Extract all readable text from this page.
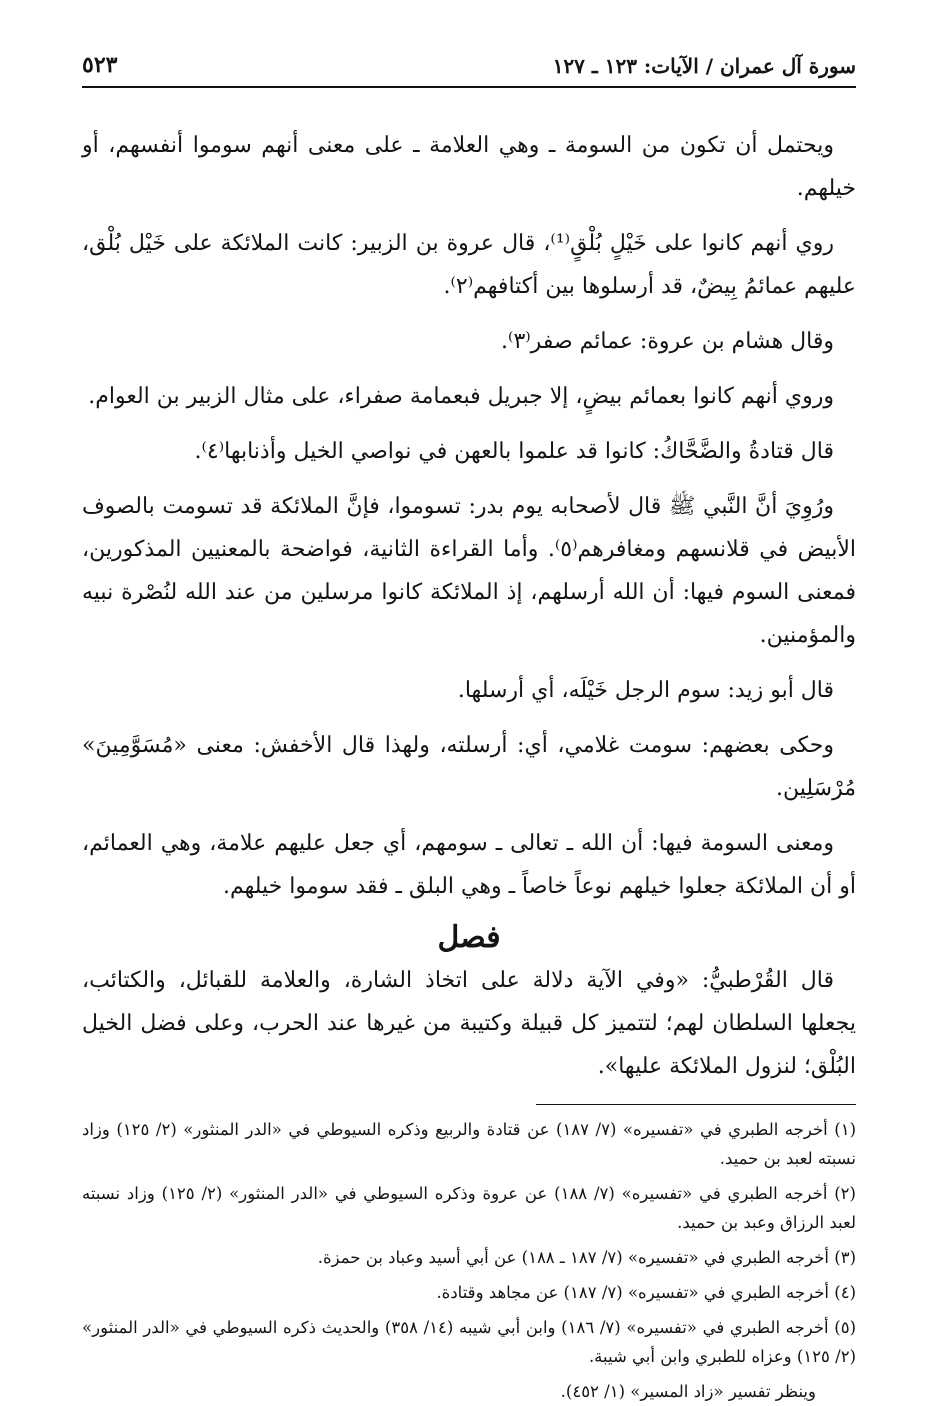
سورة آل عمران / الآيات: ١٢٣ ـ ١٢٧
٥٢٣

ويحتمل أن تكون من السومة ـ وهي العلامة ـ على معنى أنهم سوموا أنفسهم، أو خيلهم.

روي أنهم كانوا على خَيْلٍ بُلْقٍ⁽¹⁾، قال عروة بن الزبير: كانت الملائكة على خَيْل بُلْق، عليهم عمائمُ بِيضٌ، قد أرسلوها بين أكتافهم⁽٢⁾.

وقال هشام بن عروة: عمائم صفر⁽٣⁾.

وروي أنهم كانوا بعمائم بيضٍ، إلا جبريل فبعمامة صفراء، على مثال الزبير بن العوام.

قال قتادةُ والضَّحَّاكُ: كانوا قد علموا بالعهن في نواصي الخيل وأذنابها⁽٤⁾.

ورُوِيَ أنَّ النَّبي ﷺ قال لأصحابه يوم بدر: تسوموا، فإنَّ الملائكة قد تسومت بالصوف الأبيض في قلانسهم ومغافرهم⁽٥⁾. وأما القراءة الثانية، فواضحة بالمعنيين المذكورين، فمعنى السوم فيها: أن الله أرسلهم، إذ الملائكة كانوا مرسلين من عند الله لنُصْرة نبيه والمؤمنين.

قال أبو زيد: سوم الرجل خَيْلَه، أي أرسلها.

وحكى بعضهم: سومت غلامي، أي: أرسلته، ولهذا قال الأخفش: معنى «مُسَوَّمِينَ» مُرْسَلِين.

ومعنى السومة فيها: أن الله ـ تعالى ـ سومهم، أي جعل عليهم علامة، وهي العمائم، أو أن الملائكة جعلوا خيلهم نوعاً خاصاً ـ وهي البلق ـ فقد سوموا خيلهم.

فصل

قال القُرْطبيُّ: «وفي الآية دلالة على اتخاذ الشارة، والعلامة للقبائل، والكتائب، يجعلها السلطان لهم؛ لتتميز كل قبيلة وكتيبة من غيرها عند الحرب، وعلى فضل الخيل البُلْق؛ لنزول الملائكة عليها».

(١) أخرجه الطبري في «تفسيره» (٧/ ١٨٧) عن قتادة والربيع وذكره السيوطي في «الدر المنثور» (٢/ ١٢٥) وزاد نسبته لعبد بن حميد.

(٢) أخرجه الطبري في «تفسيره» (٧/ ١٨٨) عن عروة وذكره السيوطي في «الدر المنثور» (٢/ ١٢٥) وزاد نسبته لعبد الرزاق وعبد بن حميد.

(٣) أخرجه الطبري في «تفسيره» (٧/ ١٨٧ ـ ١٨٨) عن أبي أسيد وعباد بن حمزة.

(٤) أخرجه الطبري في «تفسيره» (٧/ ١٨٧) عن مجاهد وقتادة.

(٥) أخرجه الطبري في «تفسيره» (٧/ ١٨٦) وابن أبي شيبه (١٤/ ٣٥٨) والحديث ذكره السيوطي في «الدر المنثور» (٢/ ١٢٥) وعزاه للطبري وابن أبي شيبة.

وينظر تفسير «زاد المسير» (١/ ٤٥٢).
